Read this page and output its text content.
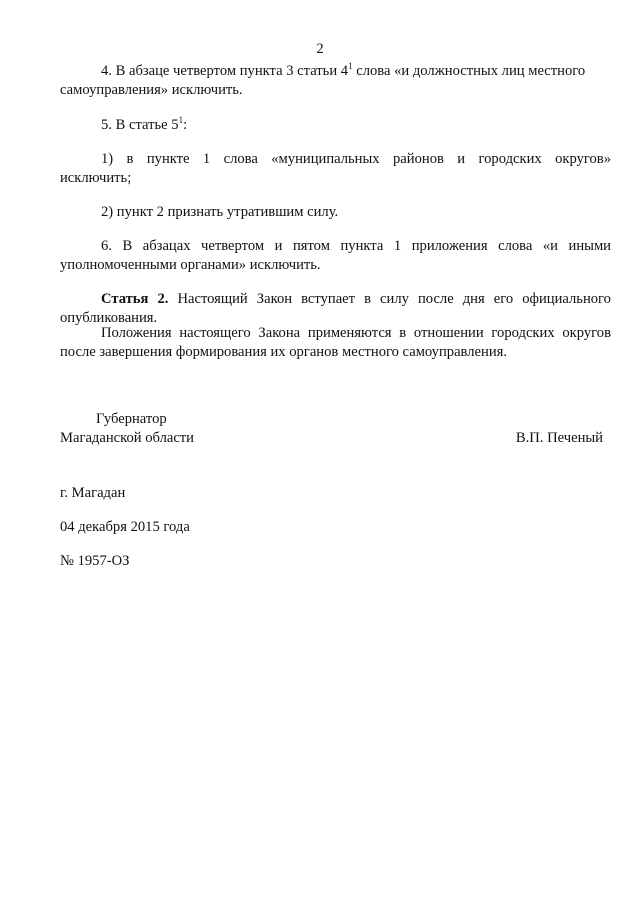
2
4. В абзаце четвертом пункта 3 статьи $4^1$ слова «и должностных лиц местного
самоуправления» исключить.
5. В статье $5^1$:
1) в пункте 1 слова «муниципальных районов и городских округов»
исключить;
2) пункт 2 признать утратившим силу.
6. В абзацах четвертом и пятом пункта 1 приложения слова «и иными
уполномоченными органами» исключить.
Статья 2. Настоящий Закон вступает в силу после дня его официального
опубликования.
Положения настоящего Закона применяются в отношении городских округов
после завершения формирования их органов местного самоуправления.
Губернатор
Магаданской области	В.П. Печеный
г. Магадан
04 декабря 2015 года
№ 1957-ОЗ
